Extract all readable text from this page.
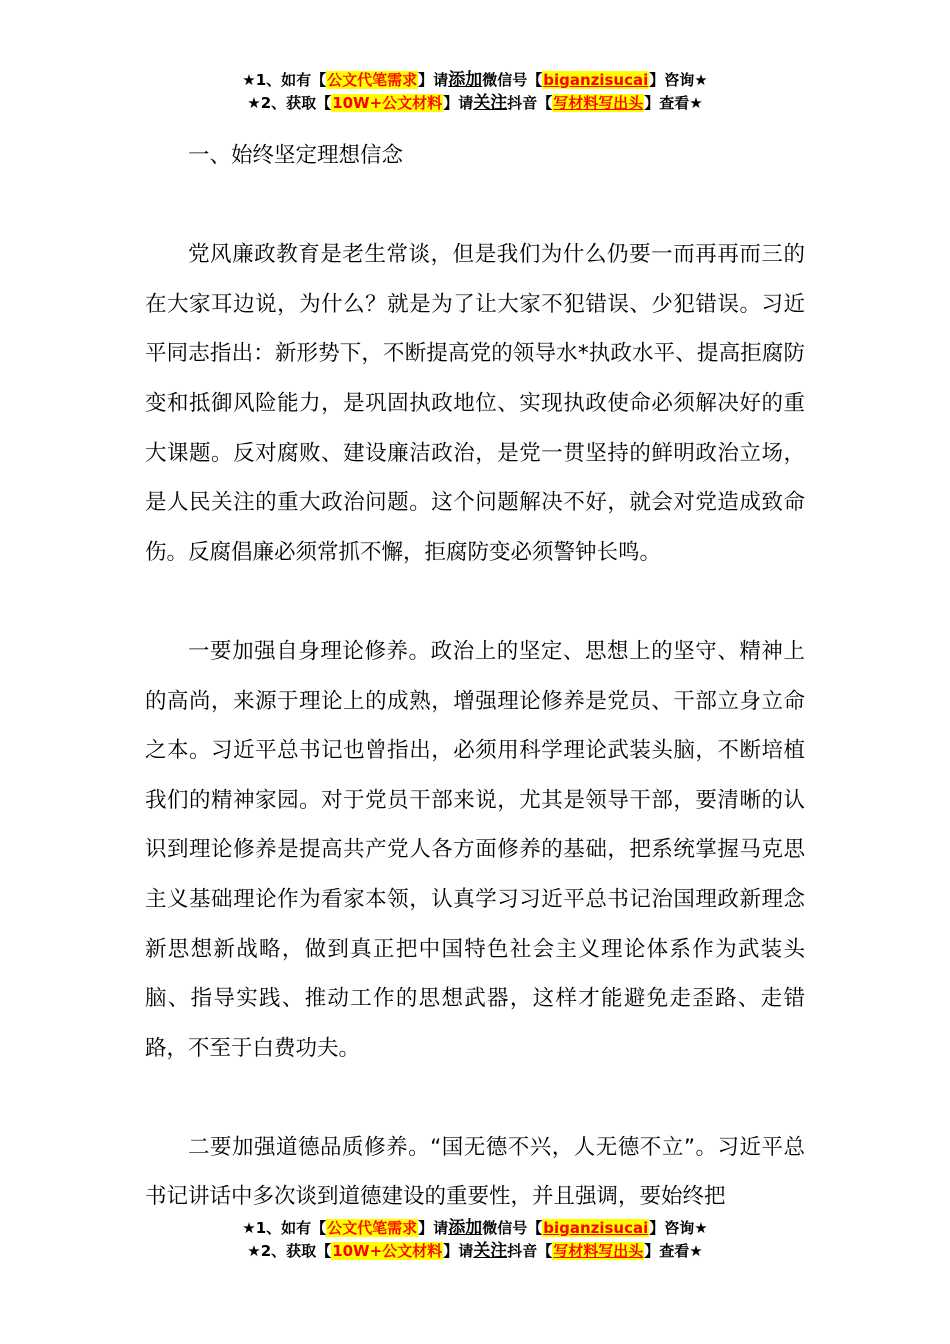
★1、如有【公文代笔需求】请添加微信号【biganzisucai】咨询★
★2、获取【10W+公文材料】请关注抖音【写材料写出头】查看★

一、始终坚定理想信念

党风廉政教育是老生常谈，但是我们为什么仍要一而再再而三的在大家耳边说，为什么？就是为了让大家不犯错误、少犯错误。习近平同志指出：新形势下，不断提高党的领导水*执政水平、提高拒腐防变和抵御风险能力，是巩固执政地位、实现执政使命必须解决好的重大课题。反对腐败、建设廉洁政治，是党一贯坚持的鲜明政治立场，是人民关注的重大政治问题。这个问题解决不好，就会对党造成致命伤。反腐倡廉必须常抓不懈，拒腐防变必须警钟长鸣。

一要加强自身理论修养。政治上的坚定、思想上的坚守、精神上的高尚，来源于理论上的成熟，增强理论修养是党员、干部立身立命之本。习近平总书记也曾指出，必须用科学理论武装头脑，不断培植我们的精神家园。对于党员干部来说，尤其是领导干部，要清晰的认识到理论修养是提高共产党人各方面修养的基础，把系统掌握马克思主义基础理论作为看家本领，认真学习习近平总书记治国理政新理念新思想新战略，做到真正把中国特色社会主义理论体系作为武装头脑、指导实践、推动工作的思想武器，这样才能避免走歪路、走错路，不至于白费功夫。

二要加强道德品质修养。“国无德不兴，人无德不立”。习近平总书记讲话中多次谈到道德建设的重要性，并且强调，要始终把

★1、如有【公文代笔需求】请添加微信号【biganzisucai】咨询★
★2、获取【10W+公文材料】请关注抖音【写材料写出头】查看★
